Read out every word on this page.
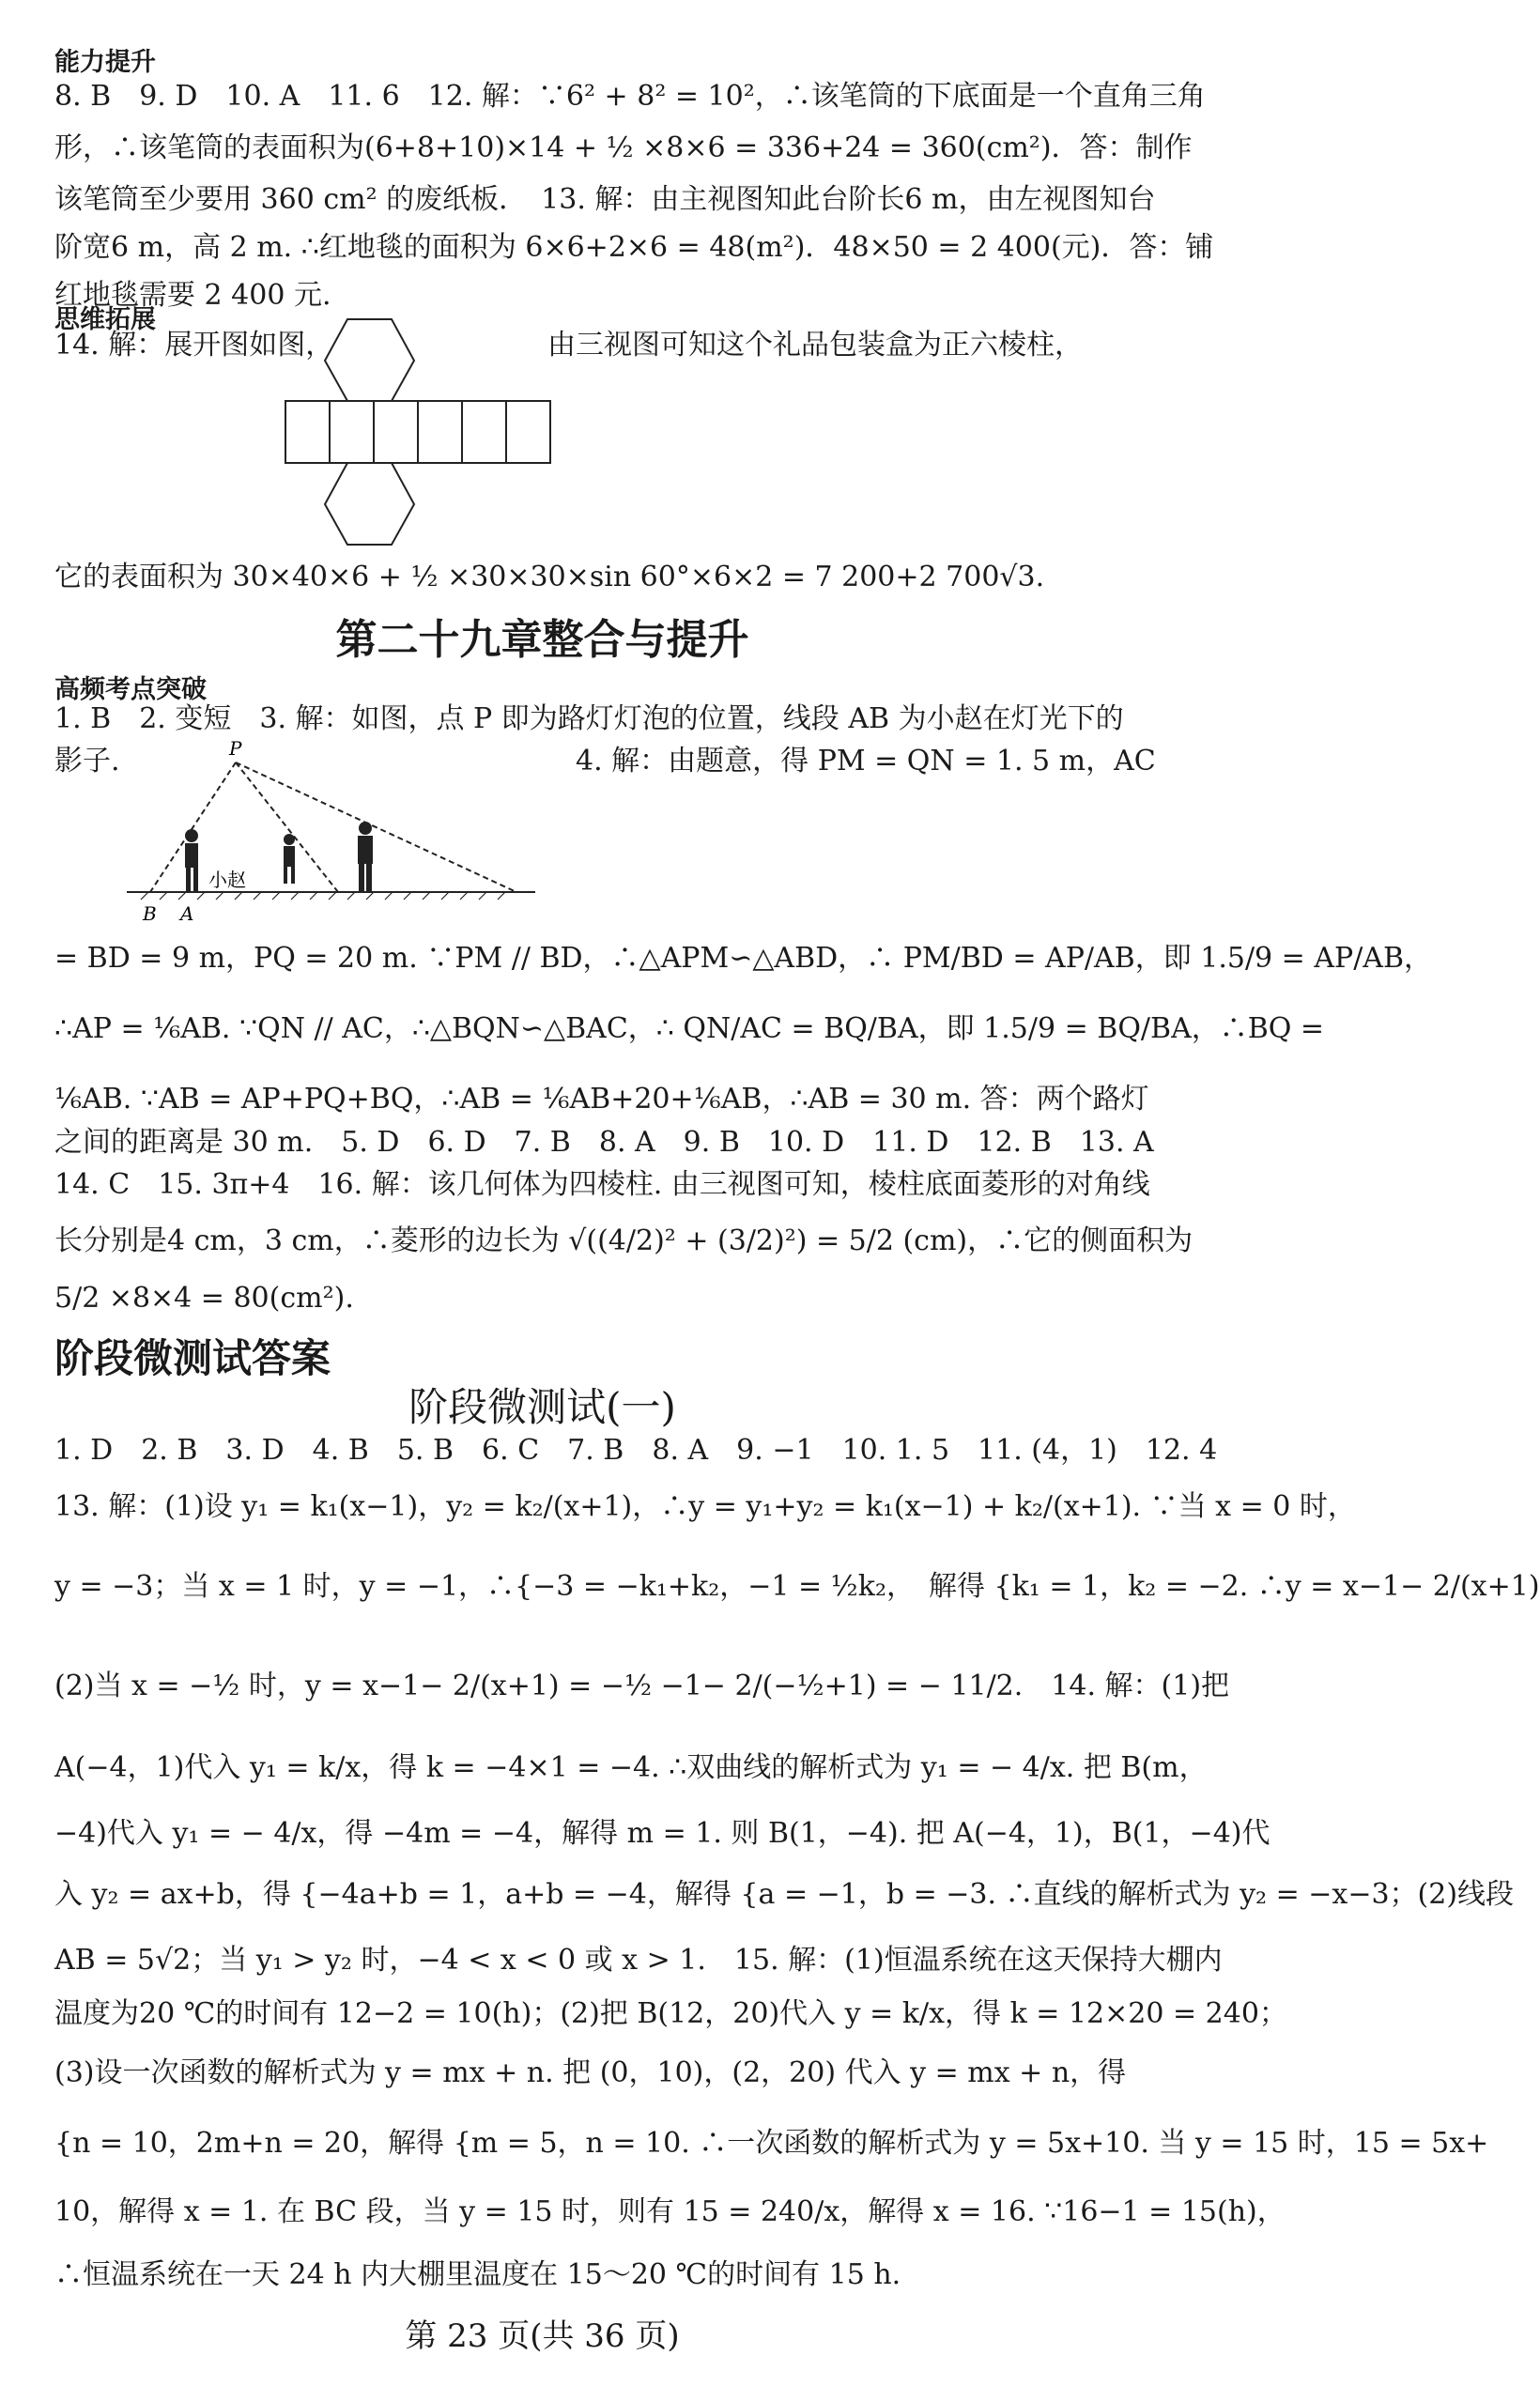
能力提升
8. B　9. D　10. A　11. 6　12. 解：∵6² + 8² = 10²，∴该笔筒的下底面是一个直角三角
形，∴该笔筒的表面积为(6+8+10)×14 + ½ ×8×6 = 336+24 = 360(cm²)．答：制作
该笔筒至少要用 360 cm² 的废纸板．　13. 解：由主视图知此台阶长6 m，由左视图知台
阶宽6 m，高 2 m. ∴红地毯的面积为 6×6+2×6 = 48(m²)．48×50 = 2 400(元)．答：铺
红地毯需要 2 400 元.
思维拓展
14. 解：展开图如图，	由三视图可知这个礼品包装盒为正六棱柱，
它的表面积为 30×40×6 + ½ ×30×30×sin 60°×6×2 = 7 200+2 700√3.
第二十九章整合与提升
高频考点突破
1. B　2. 变短　3. 解：如图，点 P 即为路灯灯泡的位置，线段 AB 为小赵在灯光下的
影子.	4. 解：由题意，得 PM = QN = 1. 5 m，AC
P
B A
小赵
= BD = 9 m，PQ = 20 m. ∵PM // BD，∴△APM∽△ABD，∴ PM/BD = AP/AB，即 1.5/9 = AP/AB，
∴AP = ⅙AB. ∵QN // AC，∴△BQN∽△BAC，∴ QN/AC = BQ/BA，即 1.5/9 = BQ/BA，∴BQ =
⅙AB. ∵AB = AP+PQ+BQ，∴AB = ⅙AB+20+⅙AB，∴AB = 30 m. 答：两个路灯
之间的距离是 30 m.　5. D　6. D　7. B　8. A　9. B　10. D　11. D　12. B　13. A
14. C　15. 3π+4　16. 解：该几何体为四棱柱. 由三视图可知，棱柱底面菱形的对角线
长分别是4 cm，3 cm，∴菱形的边长为 √((4/2)² + (3/2)²) = 5/2 (cm)，∴它的侧面积为
5/2 ×8×4 = 80(cm²).
阶段微测试答案
阶段微测试(一)
1. D　2. B　3. D　4. B　5. B　6. C　7. B　8. A　9. −1　10. 1. 5　11. (4，1)　12. 4
13. 解：(1)设 y₁ = k₁(x−1)，y₂ = k₂/(x+1)，∴y = y₁+y₂ = k₁(x−1) + k₂/(x+1). ∵当 x = 0 时，
y = −3；当 x = 1 时，y = −1，∴{−3 = −k₁+k₂，−1 = ½k₂，　解得 {k₁ = 1，k₂ = −2. ∴y = x−1− 2/(x+1)
(2)当 x = −½ 时，y = x−1− 2/(x+1) = −½ −1− 2/(−½+1) = − 11/2.　14. 解：(1)把
A(−4，1)代入 y₁ = k/x，得 k = −4×1 = −4. ∴双曲线的解析式为 y₁ = − 4/x. 把 B(m，
−4)代入 y₁ = − 4/x，得 −4m = −4，解得 m = 1. 则 B(1，−4). 把 A(−4，1)，B(1，−4)代
入 y₂ = ax+b，得 {−4a+b = 1，a+b = −4，解得 {a = −1，b = −3. ∴直线的解析式为 y₂ = −x−3；(2)线段
AB = 5√2；当 y₁ > y₂ 时，−4 < x < 0 或 x > 1.　15. 解：(1)恒温系统在这天保持大棚内
温度为20 ℃的时间有 12−2 = 10(h)；(2)把 B(12，20)代入 y = k/x，得 k = 12×20 = 240；
(3)设一次函数的解析式为 y = mx + n. 把 (0，10)，(2，20) 代入 y = mx + n，得
{n = 10，2m+n = 20，解得 {m = 5，n = 10. ∴一次函数的解析式为 y = 5x+10. 当 y = 15 时，15 = 5x+
10，解得 x = 1. 在 BC 段，当 y = 15 时，则有 15 = 240/x，解得 x = 16. ∵16−1 = 15(h)，
∴恒温系统在一天 24 h 内大棚里温度在 15～20 ℃的时间有 15 h.
第 23 页(共 36 页)
